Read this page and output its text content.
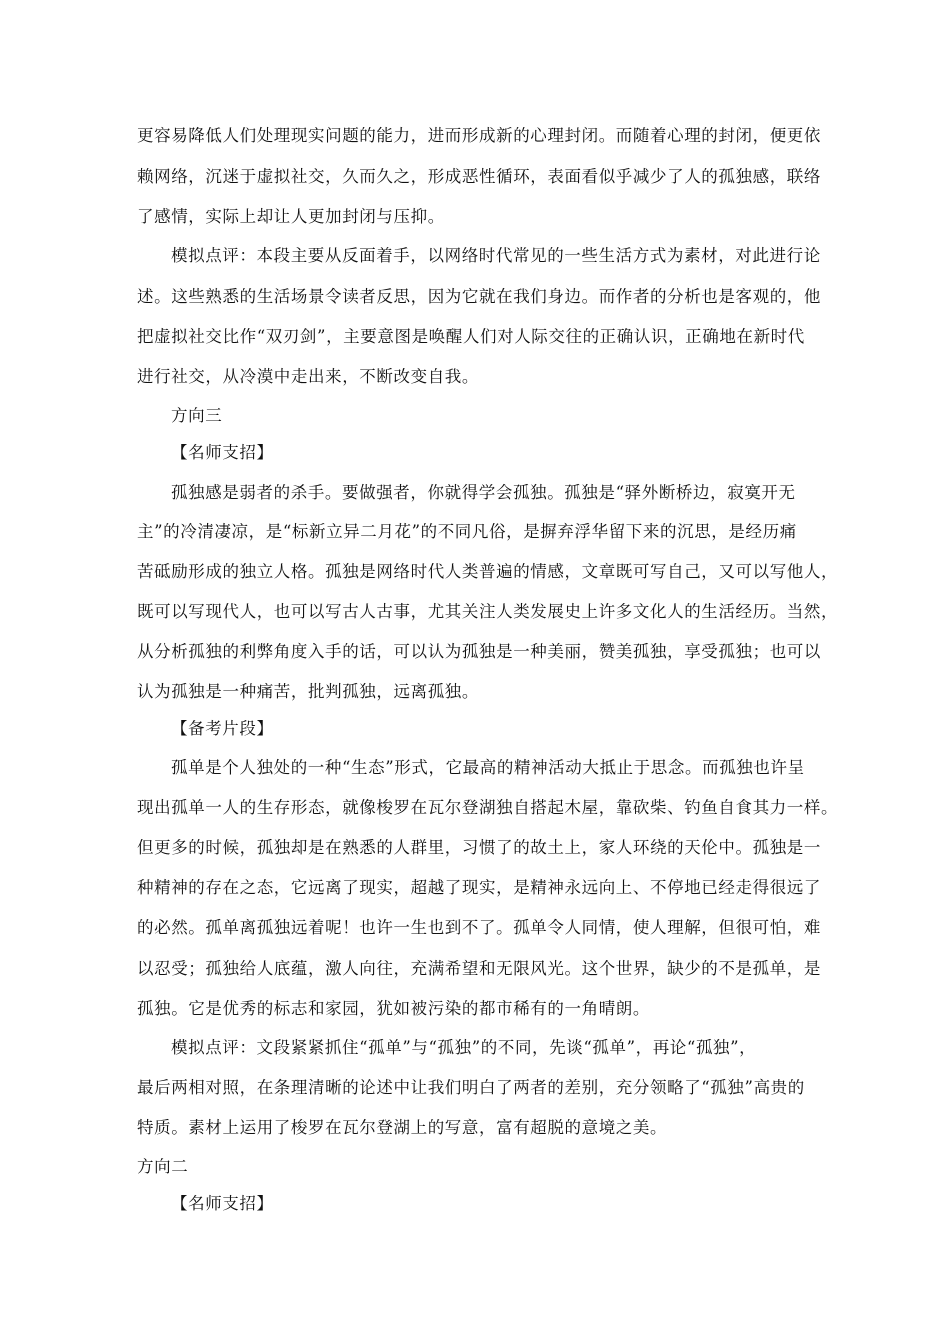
更容易降低人们处理现实问题的能力，进而形成新的心理封闭。而随着心理的封闭，便更依
赖网络，沉迷于虚拟社交，久而久之，形成恶性循环，表面看似乎减少了人的孤独感，联络
了感情，实际上却让人更加封闭与压抑。
模拟点评：本段主要从反面着手，以网络时代常见的一些生活方式为素材，对此进行论
述。这些熟悉的生活场景令读者反思，因为它就在我们身边。而作者的分析也是客观的，他
把虚拟社交比作“双刃剑”，主要意图是唤醒人们对人际交往的正确认识，正确地在新时代
进行社交，从冷漠中走出来，不断改变自我。
方向三
【名师支招】
孤独感是弱者的杀手。要做强者，你就得学会孤独。孤独是“驿外断桥边，寂寞开无
主”的冷清凄凉，是“标新立异二月花”的不同凡俗，是摒弃浮华留下来的沉思，是经历痛
苦砥励形成的独立人格。孤独是网络时代人类普遍的情感，文章既可写自己，又可以写他人，
既可以写现代人，也可以写古人古事，尤其关注人类发展史上许多文化人的生活经历。当然，
从分析孤独的利弊角度入手的话，可以认为孤独是一种美丽，赞美孤独，享受孤独；也可以
认为孤独是一种痛苦，批判孤独，远离孤独。
【备考片段】
孤单是个人独处的一种“生态”形式，它最高的精神活动大抵止于思念。而孤独也许呈
现出孤单一人的生存形态，就像梭罗在瓦尔登湖独自搭起木屋，靠砍柴、钓鱼自食其力一样。
但更多的时候，孤独却是在熟悉的人群里，习惯了的故土上，家人环绕的天伦中。孤独是一
种精神的存在之态，它远离了现实，超越了现实，是精神永远向上、不停地已经走得很远了
的必然。孤单离孤独远着呢！也许一生也到不了。孤单令人同情，使人理解，但很可怕，难
以忍受；孤独给人底蕴，激人向往，充满希望和无限风光。这个世界，缺少的不是孤单，是
孤独。它是优秀的标志和家园，犹如被污染的都市稀有的一角晴朗。
模拟点评：文段紧紧抓住“孤单”与“孤独”的不同，先谈“孤单”，再论“孤独”，
最后两相对照，在条理清晰的论述中让我们明白了两者的差别，充分领略了“孤独”高贵的
特质。素材上运用了梭罗在瓦尔登湖上的写意，富有超脱的意境之美。
方向二
【名师支招】
